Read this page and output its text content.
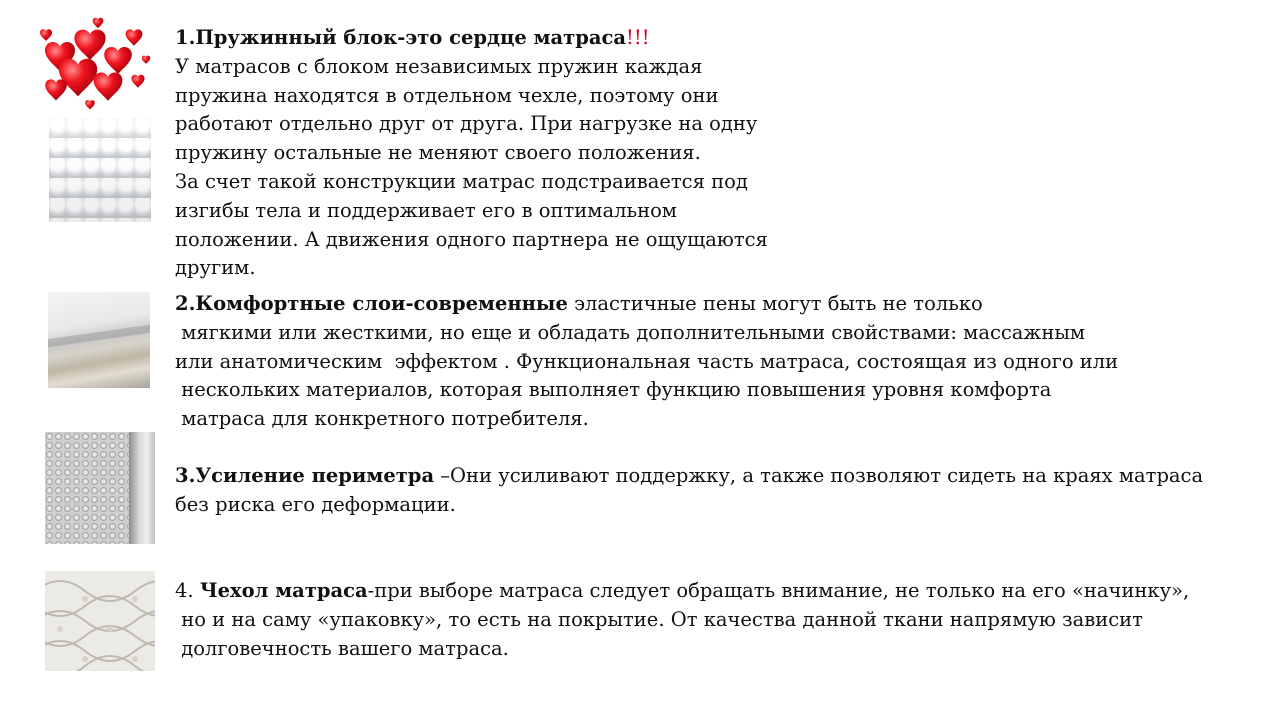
1.Пружинный блок-это сердце матраса!!!
У матрасов с блоком независимых пружин каждая
пружина находятся в отдельном чехле, поэтому они
работают отдельно друг от друга. При нагрузке на одну
пружину остальные не меняют своего положения.
За счет такой конструкции матрас подстраивается под
изгибы тела и поддерживает его в оптимальном
положении. А движения одного партнера не ощущаются
другим.
2.Комфортные слои-современные эластичные пены могут быть не только
мягкими или жесткими, но еще и обладать дополнительными свойствами: массажным
или анатомическим  эффектом . Функциональная часть матраса, состоящая из одного или
нескольких материалов, которая выполняет функцию повышения уровня комфорта
матраса для конкретного потребителя.
3.Усиление периметра –Они усиливают поддержку, а также позволяют сидеть на краях матраса
без риска его деформации.
4. Чехол матраса-при выборе матраса следует обращать внимание, не только на его «начинку»,
но и на саму «упаковку», то есть на покрытие. От качества данной ткани напрямую зависит
долговечность вашего матраса.
